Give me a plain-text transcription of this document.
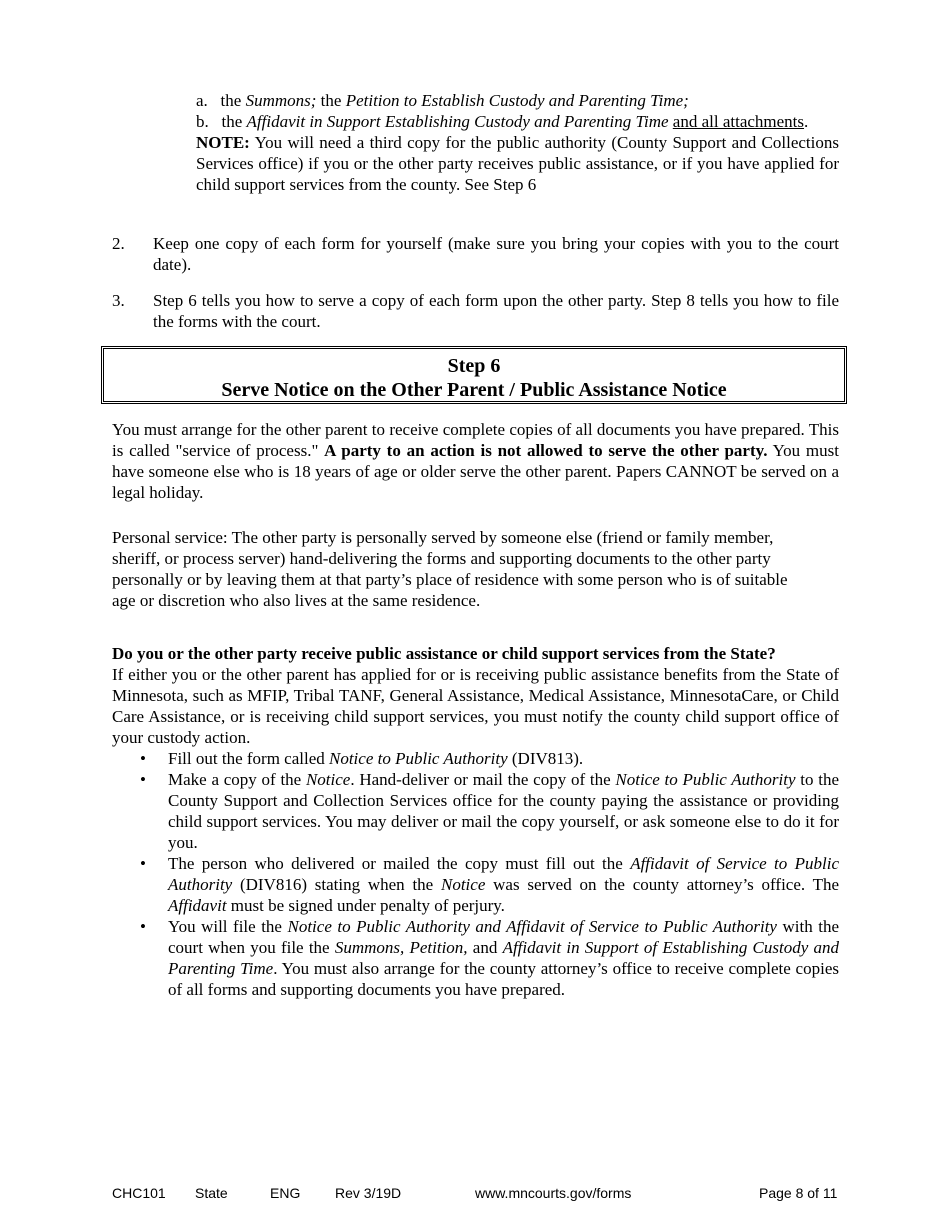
a. the Summons; the Petition to Establish Custody and Parenting Time;

b. the Affidavit in Support Establishing Custody and Parenting Time and all attachments.

NOTE: You will need a third copy for the public authority (County Support and Collections Services office) if you or the other party receives public assistance, or if you have applied for child support services from the county. See Step 6

2. Keep one copy of each form for yourself (make sure you bring your copies with you to the court date).
3. Step 6 tells you how to serve a copy of each form upon the other party. Step 8 tells you how to file the forms with the court.
Step 6
Serve Notice on the Other Parent / Public Assistance Notice

You must arrange for the other parent to receive complete copies of all documents you have prepared. This is called "service of process." A party to an action is not allowed to serve the other party. You must have someone else who is 18 years of age or older serve the other parent. Papers CANNOT be served on a legal holiday.

Personal service: The other party is personally served by someone else (friend or family member, sheriff, or process server) hand-delivering the forms and supporting documents to the other party personally or by leaving them at that party’s place of residence with some person who is of suitable age or discretion who also lives at the same residence.

Do you or the other party receive public assistance or child support services from the State?

If either you or the other parent has applied for or is receiving public assistance benefits from the State of Minnesota, such as MFIP, Tribal TANF, General Assistance, Medical Assistance, MinnesotaCare, or Child Care Assistance, or is receiving child support services, you must notify the county child support office of your custody action.

• Fill out the form called Notice to Public Authority (DIV813).
• Make a copy of the Notice. Hand-deliver or mail the copy of the Notice to Public Authority to the County Support and Collection Services office for the county paying the assistance or providing child support services. You may deliver or mail the copy yourself, or ask someone else to do it for you.
• The person who delivered or mailed the copy must fill out the Affidavit of Service to Public Authority (DIV816) stating when the Notice was served on the county attorney’s office. The Affidavit must be signed under penalty of perjury.
• You will file the Notice to Public Authority and Affidavit of Service to Public Authority with the court when you file the Summons, Petition, and Affidavit in Support of Establishing Custody and Parenting Time. You must also arrange for the county attorney’s office to receive complete copies of all forms and supporting documents you have prepared.
CHC101 State	ENG Rev 3/19D	www.mncourts.gov/forms	Page 8 of 11
